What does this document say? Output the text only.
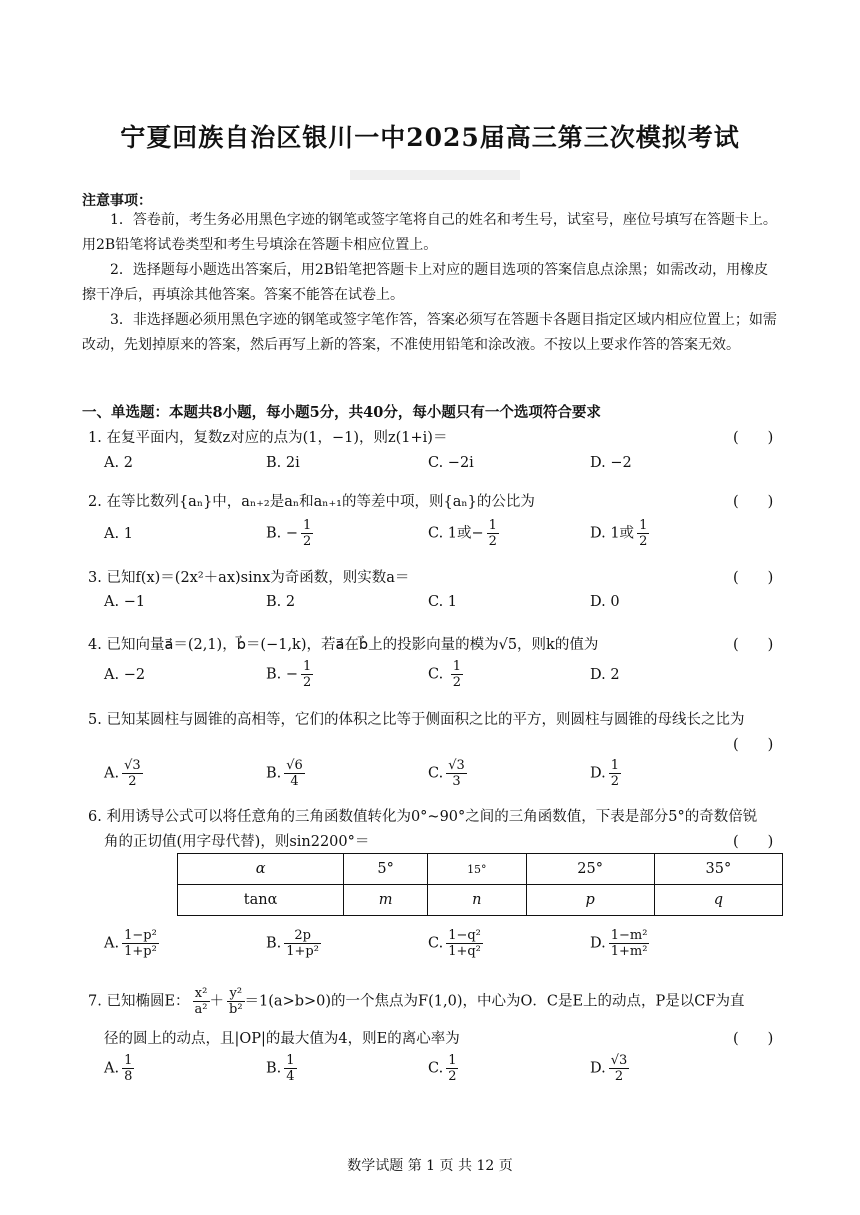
宁夏回族自治区银川一中2025届高三第三次模拟考试
注意事项：
1．答卷前，考生务必用黑色字迹的钢笔或签字笔将自己的姓名和考生号，试室号，座位号填写在答题卡上。用2B铅笔将试卷类型和考生号填涂在答题卡相应位置上。
2．选择题每小题选出答案后，用2B铅笔把答题卡上对应的题目选项的答案信息点涂黑；如需改动，用橡皮擦干净后，再填涂其他答案。答案不能答在试卷上。
3．非选择题必须用黑色字迹的钢笔或签字笔作答，答案必须写在答题卡各题目指定区域内相应位置上；如需改动，先划掉原来的答案，然后再写上新的答案，不准使用铅笔和涂改液。不按以上要求作答的答案无效。
一、单选题：本题共8小题，每小题5分，共40分，每小题只有一个选项符合要求
1. 在复平面内，复数z对应的点为(1，−1)，则z(1+i)＝	(　　)
A. 2	B. 2i	C. −2i	D. −2
2. 在等比数列{aₙ}中，aₙ₊₂是aₙ和aₙ₊₁的等差中项，则{aₙ}的公比为	(　　)
A. 1	B. − $\frac{1}{2}$	C. 1或− $\frac{1}{2}$	D. 1或 $\frac{1}{2}$
3. 已知f(x)＝(2x²＋ax)sinx为奇函数，则实数a＝	(　　)
A. −1	B. 2	C. 1	D. 0
4. 已知向量a⃗＝(2,1)，b⃗＝(−1,k)，若a⃗在b⃗上的投影向量的模为√5，则k的值为	(　　)
A. −2	B. − $\frac{1}{2}$	C. $\frac{1}{2}$	D. 2
5. 已知某圆柱与圆锥的高相等，它们的体积之比等于侧面积之比的平方，则圆柱与圆锥的母线长之比为
(　　)
A. $\frac{√3}{2}$	B. $\frac{√6}{4}$	C. $\frac{√3}{3}$	D. $\frac{1}{2}$
6. 利用诱导公式可以将任意角的三角函数值转化为0°~90°之间的三角函数值，下表是部分5°的奇数倍锐
角的正切值(用字母代替)，则sin2200°＝	(　　)
α	5°	15°	25°	35°
tanα	m	n	p	q
A. $\frac{\text{1−p²}}{\text{1+p²}}$	B. $\frac{2p}{\text{1+p²}}$	C. $\frac{\text{1−q²}}{\text{1+q²}}$	D. $\frac{\text{1−m²}}{\text{1+m²}}$
7. 已知椭圆E： $\frac{\text{x²}}{\text{a²}} + \frac{\text{y²}}{\text{b²}} =1(a>b>0)$的一个焦点为F(1,0)，中心为O．C是E上的动点，P是以CF为直
径的圆上的动点，且|OP|的最大值为4，则E的离心率为	(　　)
A. $\frac{1}{8}$	B. $\frac{1}{4}$	C. $\frac{1}{2}$	D. $\frac{√3}{2}$
数学试题 第 1 页 共 12 页
